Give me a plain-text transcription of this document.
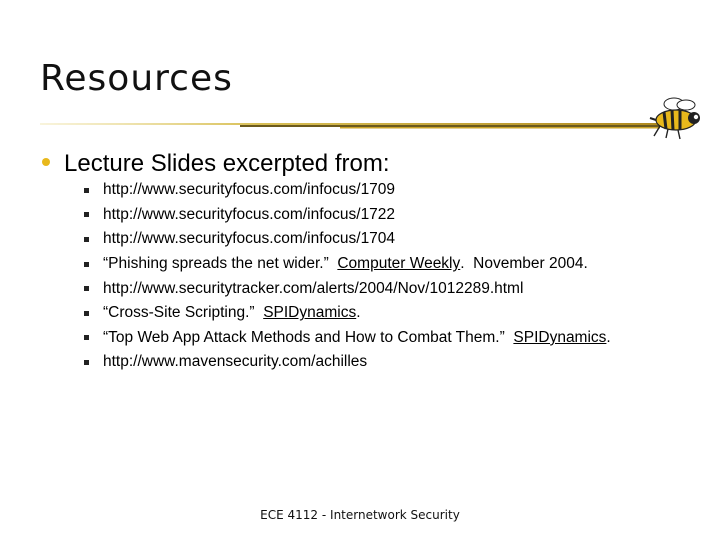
Resources
Lecture Slides excerpted from:
http://www.securityfocus.com/infocus/1709
http://www.securityfocus.com/infocus/1722
http://www.securityfocus.com/infocus/1704
“Phishing spreads the net wider.” Computer Weekly .  November 2004.
http://www.securitytracker.com/alerts/2004/Nov/1012289.html
“Cross-Site Scripting.” SPIDynamics .
“Top Web App Attack Methods and How to Combat Them.” SPIDynamics .
http://www.mavensecurity.com/achilles
ECE 4112 - Internetwork Security
